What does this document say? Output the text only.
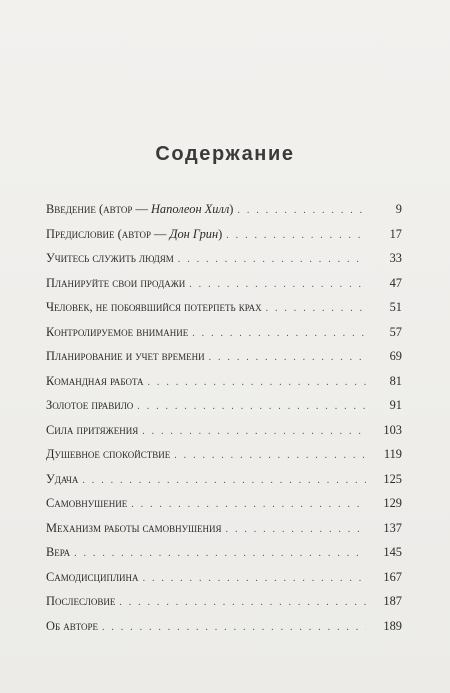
Содержание
Введение (автор — Наполеон Хилл) . . .	9
Предисловие (автор — Дон Грин) . . .	17
Учитесь служить людям . . .	33
Планируйте свои продажи . . .	47
Человек, не побоявшийся потерпеть крах . . .	51
Контролируемое внимание . . .	57
Планирование и учет времени . . .	69
Командная работа . . .	81
Золотое правило . . .	91
Сила притяжения . . .	103
Душевное спокойствие . . .	119
Удача . . .	125
Самовнушение . . .	129
Механизм работы самовнушения . . .	137
Вера . . .	145
Самодисциплина . . .	167
Послесловие . . .	187
Об авторе . . .	189
